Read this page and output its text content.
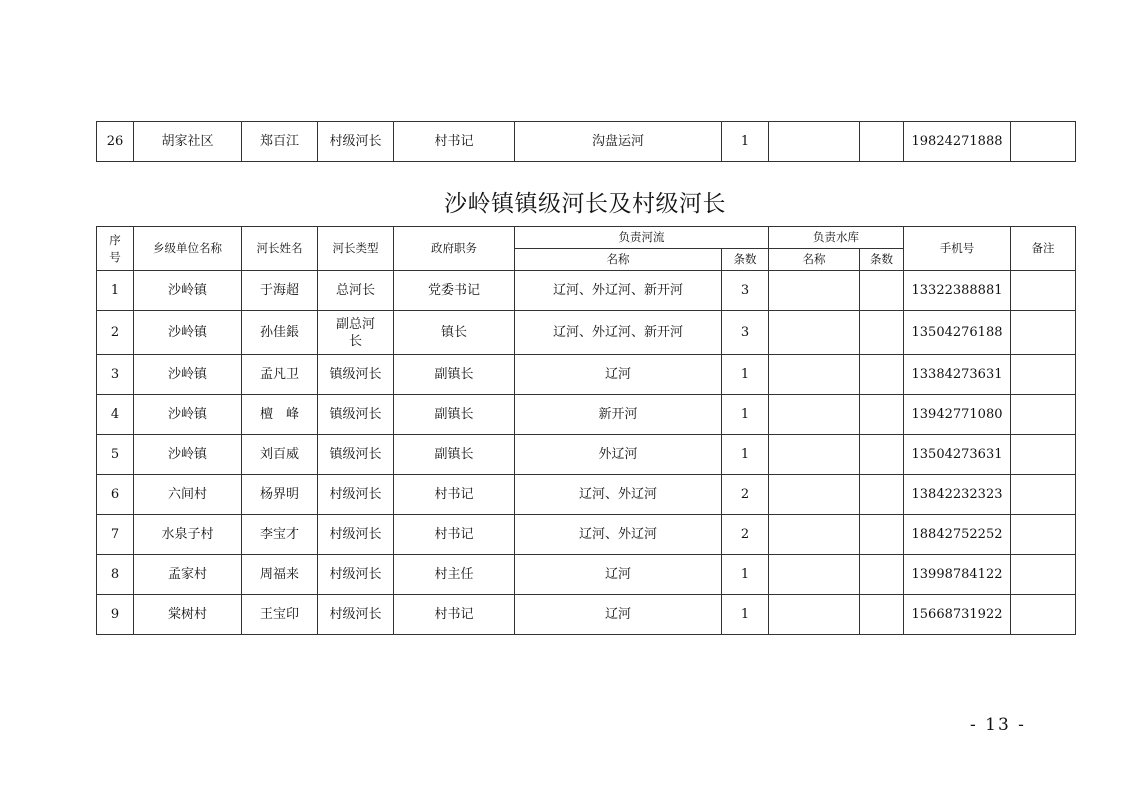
26	胡家社区	郑百江	村级河长	村书记	沟盘运河	1			19824271888	
沙岭镇镇级河长及村级河长
序
号	乡级单位名称	河长姓名	河长类型	政府职务	负责河流		负责水库		手机号	备注
					名称	条数	名称	条数		
1	沙岭镇	于海超	总河长	党委书记	辽河、外辽河、新开河	3			13322388881	
2	沙岭镇	孙佳鋹	副总河
长	镇长	辽河、外辽河、新开河	3			13504276188	
3	沙岭镇	孟凡卫	镇级河长	副镇长	辽河	1			13384273631	
4	沙岭镇	檀　峰	镇级河长	副镇长	新开河	1			13942771080	
5	沙岭镇	刘百威	镇级河长	副镇长	外辽河	1			13504273631	
6	六间村	杨界明	村级河长	村书记	辽河、外辽河	2			13842232323	
7	水泉子村	李宝才	村级河长	村书记	辽河、外辽河	2			18842752252	
8	孟家村	周福来	村级河长	村主任	辽河	1			13998784122	
9	棠树村	王宝印	村级河长	村书记	辽河	1			15668731922	
- 13 -
